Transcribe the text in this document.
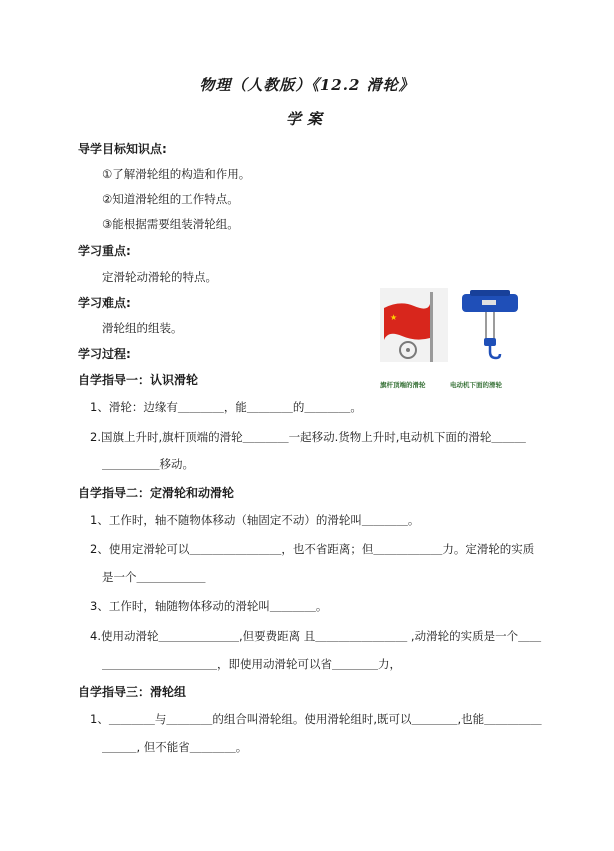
物理（人教版）《12.2 滑轮》
学案
导学目标知识点:
①了解滑轮组的构造和作用。
②知道滑轮组的工作特点。
③能根据需要组装滑轮组。
学习重点:
定滑轮动滑轮的特点。
学习难点:
滑轮组的组装。
学习过程:
自学指导一：认识滑轮
1、滑轮：边缘有＿＿＿＿，能＿＿＿＿的＿＿＿＿。
2.国旗上升时,旗杆顶端的滑轮＿＿＿＿一起移动.货物上升时,电动机下面的滑轮＿＿＿
＿＿＿＿＿移动。
自学指导二：定滑轮和动滑轮
1、工作时，轴不随物体移动（轴固定不动）的滑轮叫＿＿＿＿。
2、使用定滑轮可以＿＿＿＿＿＿＿＿，也不省距离；但＿＿＿＿＿＿力。定滑轮的实质
是一个＿＿＿＿＿＿
3、工作时，轴随物体移动的滑轮叫＿＿＿＿。
4.使用动滑轮＿＿＿＿＿＿＿,但要费距离 且＿＿＿＿＿＿＿＿ ,动滑轮的实质是一个＿＿
＿＿＿＿＿＿＿＿＿＿，即使用动滑轮可以省＿＿＿＿力，
自学指导三：滑轮组
1、＿＿＿＿与＿＿＿＿的组合叫滑轮组。使用滑轮组时,既可以＿＿＿＿,也能＿＿＿＿＿
＿＿＿, 但不能省＿＿＿＿。
★
旗杆顶端的滑轮	电动机下面的滑轮
